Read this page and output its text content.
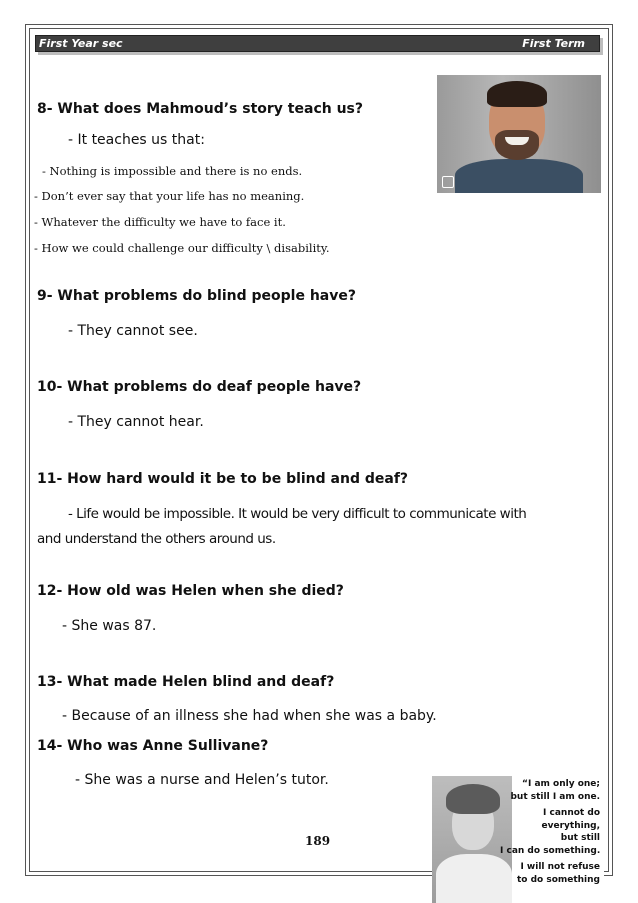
First Year sec	First Term
8- What does Mahmoud’s story teach us?
- It teaches us that:
- Nothing is impossible and there is no ends.
- Don’t ever say that your life has no meaning.
- Whatever the difficulty we have to face it.
- How we could challenge our difficulty \ disability.
9- What problems do blind people have?
- They cannot see.
10- What problems do deaf people have?
- They cannot hear.
11- How hard would it be to be blind and deaf?
- Life would be impossible. It would be very difficult to communicate with
and understand the others around us.
12- How old was Helen when she died?
- She was 87.
13- What made Helen blind and deaf?
- Because of an illness she had when she was a baby.
14- Who was Anne Sullivane?
- She was a nurse and Helen’s tutor.
189
“I am only one;
but still I am one.
I cannot do
everything,
but still
I can do something.
I will not refuse
to do something
